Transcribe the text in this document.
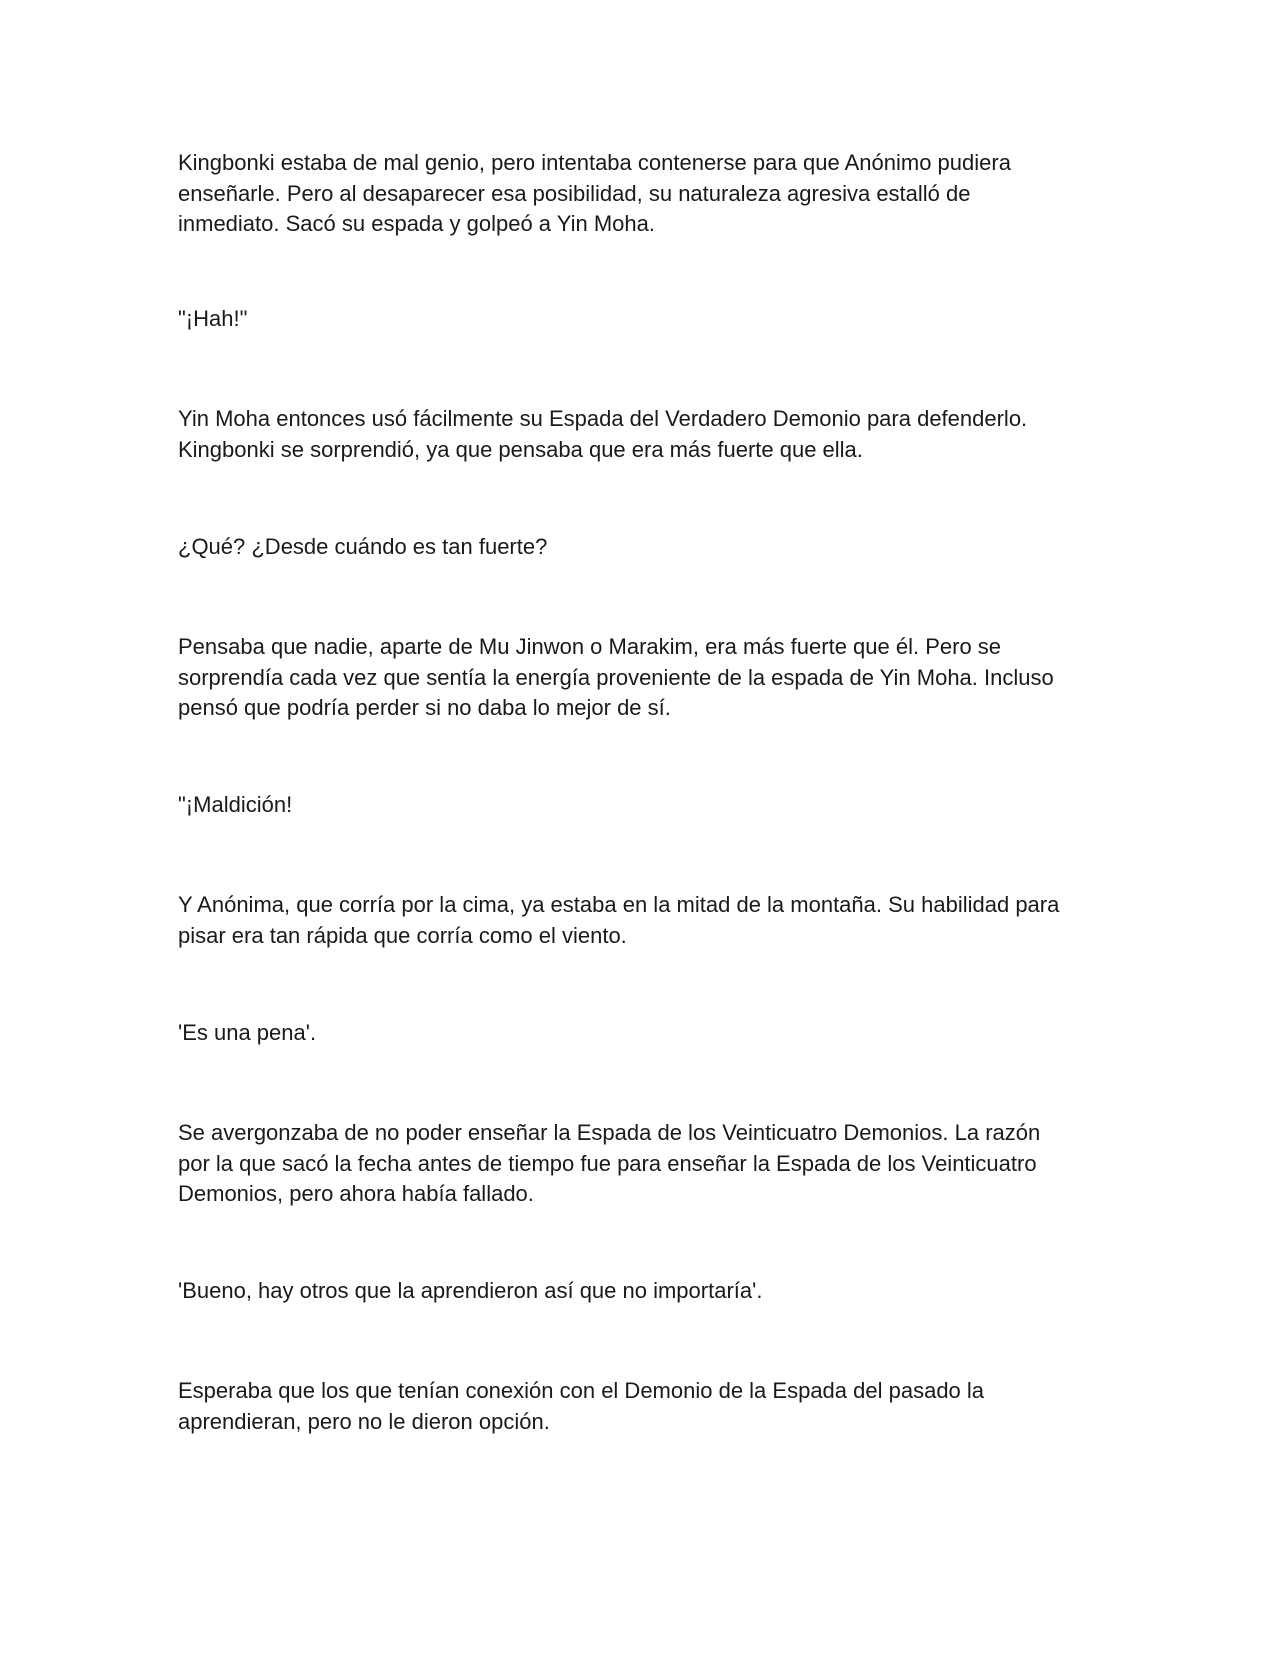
Kingbonki estaba de mal genio, pero intentaba contenerse para que Anónimo pudiera
enseñarle. Pero al desaparecer esa posibilidad, su naturaleza agresiva estalló de
inmediato. Sacó su espada y golpeó a Yin Moha.

"¡Hah!"

Yin Moha entonces usó fácilmente su Espada del Verdadero Demonio para defenderlo.
Kingbonki se sorprendió, ya que pensaba que era más fuerte que ella.

¿Qué? ¿Desde cuándo es tan fuerte?

Pensaba que nadie, aparte de Mu Jinwon o Marakim, era más fuerte que él. Pero se
sorprendía cada vez que sentía la energía proveniente de la espada de Yin Moha. Incluso
pensó que podría perder si no daba lo mejor de sí.

"¡Maldición!

Y Anónima, que corría por la cima, ya estaba en la mitad de la montaña. Su habilidad para
pisar era tan rápida que corría como el viento.

'Es una pena'.

Se avergonzaba de no poder enseñar la Espada de los Veinticuatro Demonios. La razón
por la que sacó la fecha antes de tiempo fue para enseñar la Espada de los Veinticuatro
Demonios, pero ahora había fallado.

'Bueno, hay otros que la aprendieron así que no importaría'.

Esperaba que los que tenían conexión con el Demonio de la Espada del pasado la
aprendieran, pero no le dieron opción.
